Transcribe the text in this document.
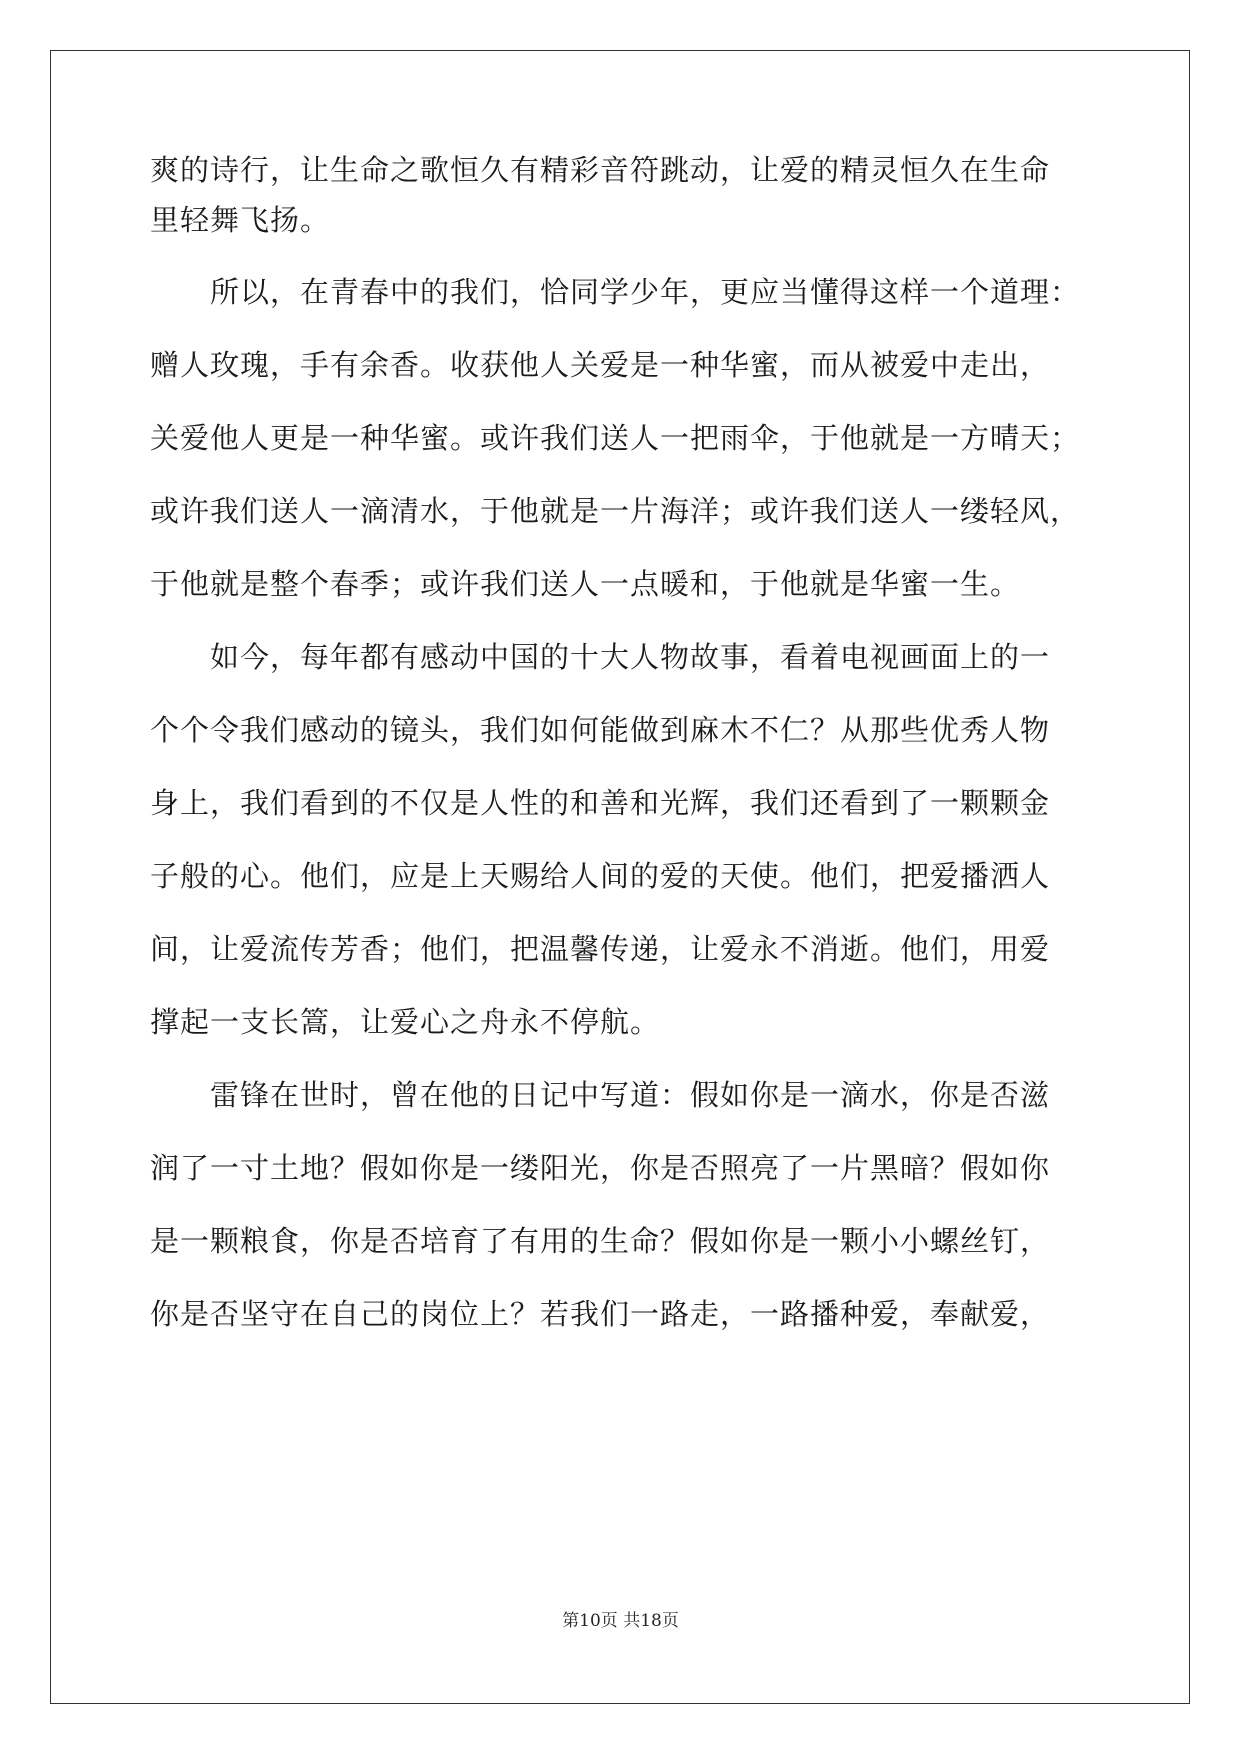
爽的诗行，让生命之歌恒久有精彩音符跳动，让爱的精灵恒久在生命
里轻舞飞扬。
所以，在青春中的我们，恰同学少年，更应当懂得这样一个道理：
赠人玫瑰，手有余香。收获他人关爱是一种华蜜，而从被爱中走出，
关爱他人更是一种华蜜。或许我们送人一把雨伞，于他就是一方晴天；
或许我们送人一滴清水，于他就是一片海洋；或许我们送人一缕轻风，
于他就是整个春季；或许我们送人一点暖和，于他就是华蜜一生。
如今，每年都有感动中国的十大人物故事，看着电视画面上的一
个个令我们感动的镜头，我们如何能做到麻木不仁？从那些优秀人物
身上，我们看到的不仅是人性的和善和光辉，我们还看到了一颗颗金
子般的心。他们，应是上天赐给人间的爱的天使。他们，把爱播洒人
间，让爱流传芳香；他们，把温馨传递，让爱永不消逝。他们，用爱
撑起一支长篙，让爱心之舟永不停航。
雷锋在世时，曾在他的日记中写道：假如你是一滴水，你是否滋
润了一寸土地？假如你是一缕阳光，你是否照亮了一片黑暗？假如你
是一颗粮食，你是否培育了有用的生命？假如你是一颗小小螺丝钉，
你是否坚守在自己的岗位上？若我们一路走，一路播种爱，奉献爱，
第10页 共18页
